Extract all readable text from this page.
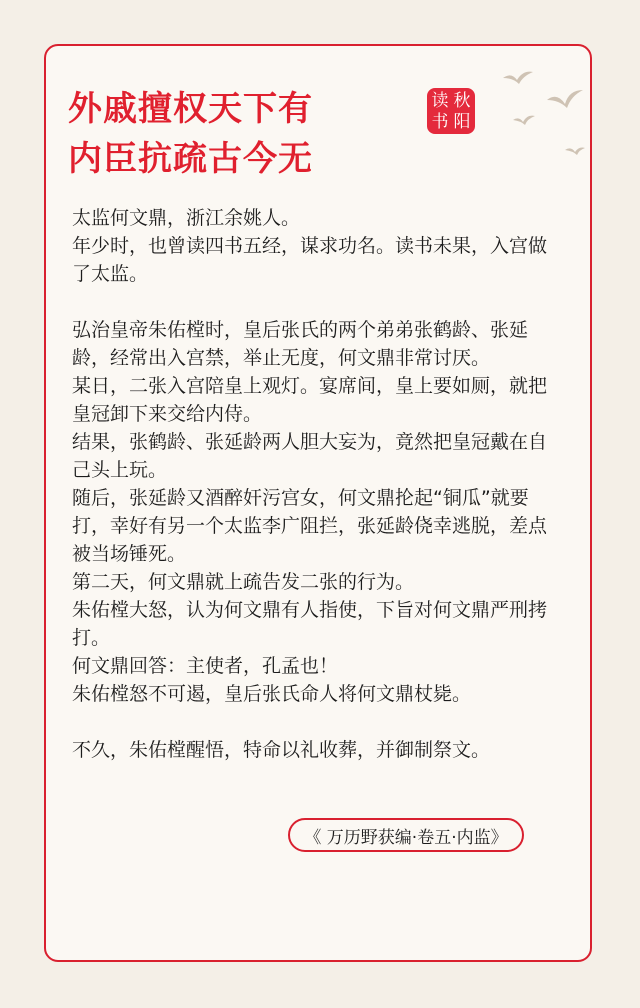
外戚擅权天下有
内臣抗疏古今无
读 秋
书 阳

太监何文鼎，浙江余姚人。

年少时，也曾读四书五经，谋求功名。读书未果，入宫做了太监。

弘治皇帝朱佑樘时，皇后张氏的两个弟弟张鹤龄、张延龄，经常出入宫禁，举止无度，何文鼎非常讨厌。

某日，二张入宫陪皇上观灯。宴席间，皇上要如厕，就把皇冠卸下来交给内侍。

结果，张鹤龄、张延龄两人胆大妄为，竟然把皇冠戴在自己头上玩。

随后，张延龄又酒醉奸污宫女，何文鼎抡起“铜瓜”就要打，幸好有另一个太监李广阻拦，张延龄侥幸逃脱，差点被当场锤死。

第二天，何文鼎就上疏告发二张的行为。

朱佑樘大怒，认为何文鼎有人指使，下旨对何文鼎严刑拷打。

何文鼎回答：主使者，孔孟也！

朱佑樘怒不可遏，皇后张氏命人将何文鼎杖毙。

不久，朱佑樘醒悟，特命以礼收葬，并御制祭文。

《 万历野获编·卷五·内监》
